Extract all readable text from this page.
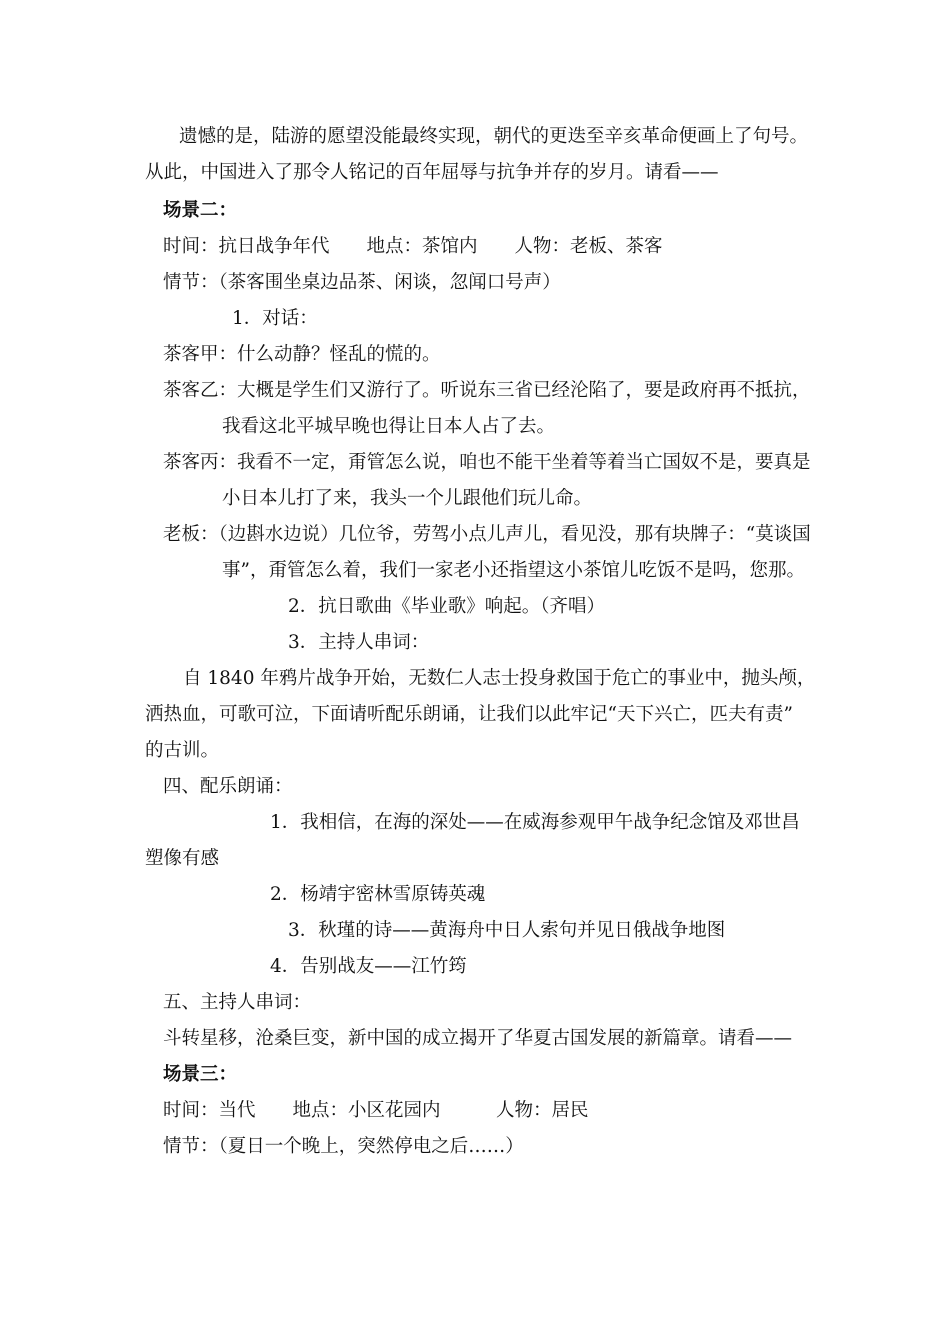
遗憾的是，陆游的愿望没能最终实现，朝代的更迭至辛亥革命便画上了句号。
从此，中国进入了那令人铭记的百年屈辱与抗争并存的岁月。请看——
场景二：
时间：抗日战争年代　　地点：茶馆内　　人物：老板、茶客
情节：（茶客围坐桌边品茶、闲谈，忽闻口号声）
1．对话：
茶客甲：什么动静？怪乱的慌的。
茶客乙：大概是学生们又游行了。听说东三省已经沦陷了，要是政府再不抵抗，
我看这北平城早晚也得让日本人占了去。
茶客丙：我看不一定，甭管怎么说，咱也不能干坐着等着当亡国奴不是，要真是
小日本儿打了来，我头一个儿跟他们玩儿命。
老板：（边斟水边说）几位爷，劳驾小点儿声儿，看见没，那有块牌子：“莫谈国
事”，甭管怎么着，我们一家老小还指望这小茶馆儿吃饭不是吗，您那。
2．抗日歌曲《毕业歌》响起。（齐唱）
3．主持人串词：
自 1840 年鸦片战争开始，无数仁人志士投身救国于危亡的事业中，抛头颅，
洒热血，可歌可泣，下面请听配乐朗诵，让我们以此牢记“天下兴亡，匹夫有责”
的古训。
四、配乐朗诵：
1．我相信，在海的深处——在威海参观甲午战争纪念馆及邓世昌
塑像有感
2．杨靖宇密林雪原铸英魂
3．秋瑾的诗——黄海舟中日人索句并见日俄战争地图
4．告别战友——江竹筠
五、主持人串词：
斗转星移，沧桑巨变，新中国的成立揭开了华夏古国发展的新篇章。请看——
场景三：
时间：当代　　地点：小区花园内　　　人物：居民
情节：（夏日一个晚上，突然停电之后……）
